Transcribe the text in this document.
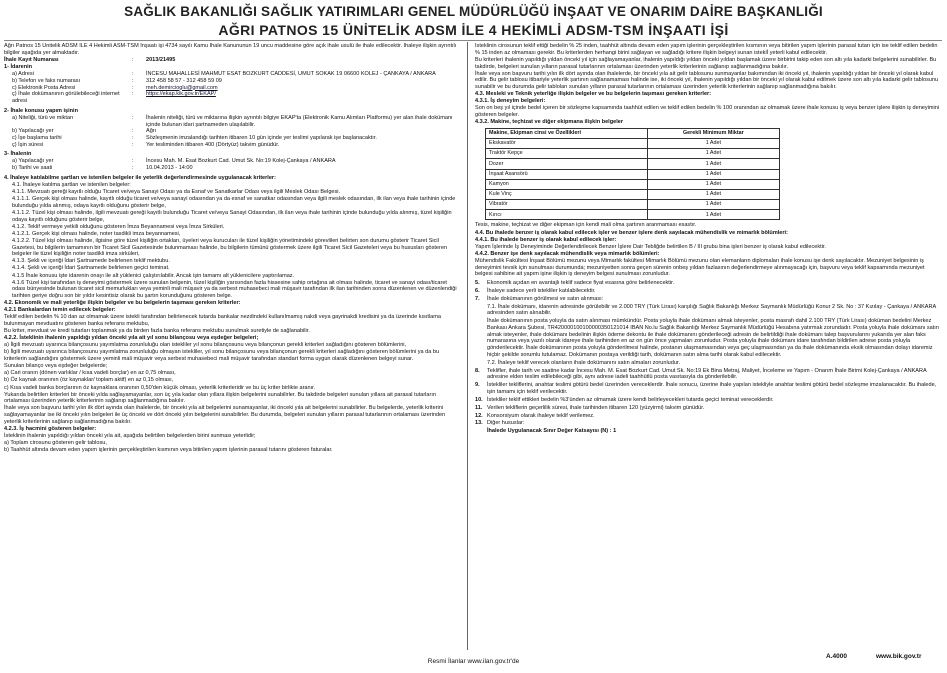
SAĞLIK BAKANLIĞI SAĞLIK YATIRIMLARI GENEL MÜDÜRLÜĞÜ İNŞAAT VE ONARIM DAİRE BAŞKANLIĞI
AĞRI PATNOS 15 ÜNİTELİK ADSM İLE 4 HEKİMLİ ADSM-TSM İNŞAATI İŞİ

Ağrı Patnos 15 Ünitelik ADSM İLE 4 Hekimli ASM-TSM İnşaatı işi 4734 sayılı Kamu İhale Kanununun 19 uncu maddesine göre açık ihale usulü ile ihale edilecektir. İhaleye ilişkin ayrıntılı bilgiler aşağıda yer almaktadır.

İhale Kayıt Numarası	:	2013/21495

1- İdarenin

a) Adresi	:	İNCESU MAHALLESİ MAHMUT ESAT BOZKURT CADDESİ, UMUT SOKAK 19 06600 KOLEJ - ÇANKAYA / ANKARA
b) Telefon ve faks numarası	:	312 458 58 57 - 312 458 59 09
c) Elektronik Posta Adresi	:	meh.demircioglu@gmail.com
ç) İhale dokümanının görülebileceği internet adresi
:	https://ekap.kik.gov.tr/EKAP/

2- İhale konusu yapım işinin

a) Niteliği, türü ve miktarı	:	İhalenin niteliği, türü ve miktarına ilişkin ayrıntılı bilgiye EKAP'ta (Elektronik Kamu Alımları Platformu) yer alan ihale dokümanı içinde bulunan idari şartnameden ulaşılabilir.
b) Yapılacağı yer	:	Ağrı
c) İşe başlama tarihi	:	Sözleşmenin imzalandığı tarihten itibaren 10 gün içinde yer teslimi yapılarak işe başlanacaktır.
ç) İşin süresi	:	Yer tesliminden itibaren 400 (Dörtyüz) takvim günüdür.

3- İhalenin

a) Yapılacağı yer	:	İncesu Mah. M. Esat Bozkurt Cad. Umut Sk. No:19 Kolej-Çankaya / ANKARA
b) Tarihi ve saati	:	10.04.2013 - 14:00

4. İhaleye katılabilme şartları ve istenilen belgeler ile yeterlik değerlendirmesinde uygulanacak kriterler:

4.1. İhaleye katılma şartları ve istenilen belgeler:

4.1.1. Mevzuatı gereği kayıtlı olduğu Ticaret ve/veya Sanayi Odası ya da Esnaf ve Sanatkarlar Odası veya ilgili Meslek Odası Belgesi.

4.1.1.1. Gerçek kişi olması halinde, kayıtlı olduğu ticaret ve/veya sanayi odasından ya da esnaf ve sanatkar odasından veya ilgili meslek odasından, ilk ilan veya ihale tarihinin içinde bulunduğu yılda alınmış, odaya kayıtlı olduğunu gösterir belge,

4.1.1.2. Tüzel kişi olması halinde, ilgili mevzuatı gereği kayıtlı bulunduğu Ticaret ve/veya Sanayi Odasından, ilk ilan veya ihale tarihinin içinde bulunduğu yılda alınmış, tüzel kişiliğin odaya kayıtlı olduğunu gösterir belge,

4.1.2. Teklif vermeye yetkili olduğunu gösteren İmza Beyannamesi veya İmza Sirküleri.

4.1.2.1. Gerçek kişi olması halinde, noter tasdikli imza beyannamesi,

4.1.2.2. Tüzel kişi olması halinde, ilgisine göre tüzel kişiliğin ortakları, üyeleri veya kurucuları ile tüzel kişiliğin yönetimindeki görevlileri belirten son durumu gösterir Ticaret Sicil Gazetesi, bu bilgilerin tamamının bir Ticaret Sicil Gazetesinde bulunmaması halinde, bu bilgilerin tümünü göstermek üzere ilgili Ticaret Sicil Gazeteleri veya bu hususları gösteren belgeler ile tüzel kişiliğin noter tasdikli imza sirküleri,

4.1.3. Şekli ve içeriği İdari Şartnamede belirlenen teklif mektubu.

4.1.4. Şekli ve içeriği İdari Şartnamede belirlenen geçici teminat.

4.1.5 İhale konusu işte idarenin onayı ile alt yüklenici çalıştırılabilir. Ancak işin tamamı alt yüklenicilere yaptırılamaz.

4.1.6 Tüzel kişi tarafından iş deneyimi göstermek üzere sunulan belgenin, tüzel kişiliğin yarısından fazla hissesine sahip ortağına ait olması halinde, ticaret ve sanayi odası/ticaret odası bünyesinde bulunan ticaret sicil memurlukları veya yeminli mali müşavir ya da serbest muhasebeci mali müşavir tarafından ilk ilan tarihinden sonra düzenlenen ve düzenlendiği tarihten geriye doğru son bir yıldır kesintisiz olarak bu şartın korunduğunu gösteren belge.

4.2. Ekonomik ve mali yeterliğe ilişkin belgeler ve bu belgelerin taşıması gereken kriterler:

4.2.1 Bankalardan temin edilecek belgeler:

Teklif edilen bedelin % 10 dan az olmamak üzere istekli tarafından belirlenecek tutarda bankalar nezdindeki kullanılmamış nakdi veya gayrinakdi kredisini ya da üzerinde kısıtlama bulunmayan mevduatını gösteren banka referans mektubu,

Bu kriter, mevduat ve kredi tutarları toplanmak ya da birden fazla banka referans mektubu sunulmak suretiyle de sağlanabilir.

4.2.2. İsteklinin ihalenin yapıldığı yıldan önceki yıla ait yıl sonu bilançosu veya eşdeğer belgeleri;

a) İlgili mevzuatı uyarınca bilançosunu yayımlatma zorunluluğu olan istekliler yıl sonu bilançosunu veya bilançonun gerekli kriterleri sağladığını gösteren bölümlerini,

b) İlgili mevzuatı uyarınca bilançosunu yayımlatma zorunluluğu olmayan istekliler, yıl sonu bilançosunu veya bilançonun gerekli kriterleri sağladığını gösteren bölümlerini ya da bu kriterlerin sağlandığını göstermek üzere yeminli mali müşavir veya serbest muhasebeci mali müşavir tarafından standart forma uygun olarak düzenlenen belgeyi sunar.

Sunulan bilanço veya eşdeğer belgelerde;

a) Cari oranın (dönen varlıklar / kısa vadeli borçlar) en az 0,75 olması,

b) Öz kaynak oranının (öz kaynaklar/ toplam aktif) en az 0,15 olması,

c) Kısa vadeli banka borçlarının öz kaynaklara oranının 0,50'den küçük olması, yeterlik kriterleridir ve bu üç kriter birlikte aranır.

Yukarıda belirtilen kriterleri bir önceki yılda sağlayamayanlar, son üç yıla kadar olan yıllara ilişkin belgelerini sunabilirler. Bu takdirde belgeleri sunulan yıllara ait parasal tutarların ortalaması üzerinden yeterlik kriterlerinin sağlanıp sağlanmadığına bakılır.

İhale veya son başvuru tarihi yılın ilk dört ayında olan ihalelerde, bir önceki yıla ait belgelerini sunamayanlar, iki önceki yıla ait belgelerini sunabilirler. Bu belgelerde, yeterlik kriterini sağlayamayanlar ise iki önceki yılın belgeleri ile üç önceki ve dört önceki yılın belgelerini sunabilirler. Bu durumda, belgeleri sunulan yılların parasal tutarlarının ortalaması üzerinden yeterlik kriterlerinin sağlanıp sağlanmadığına bakılır.

4.2.3. İş hacmini gösteren belgeler:

İsteklinin ihalenin yapıldığı yıldan önceki yıla ait, aşağıda belirtilen belgelerden birini sunması yeterlidir;

a) Toplam cirosunu gösteren gelir tablosu,

b) Taahhüt altında devam eden yapım işlerinin gerçekleştirilen kısmının veya bitirilen yapım işlerinin parasal tutarını gösteren faturalar.

İsteklinin cirosunun teklif ettiği bedelin % 25 inden, taahhüt altında devam eden yapım işlerinin gerçekleştirilen kısmının veya bitirilen yapım işlerinin parasal tutarı için ise teklif edilen bedelin % 15 inden az olmaması gerekir. Bu kriterlerden herhangi birini sağlayan ve sağladığı kritere ilişkin belgeyi sunan isteklİ yeterli kabul edilecektir.

Bu kriterleri ihalenin yapıldığı yıldan önceki yıl için sağlayamayanlar, ihalenin yapıldığı yıldan önceki yıldan başlamak üzere birbirini takip eden son altı yıla kadarki belgelerini sunabilirler. Bu takdirde, belgeleri sunulan yılların parasal tutarlarının ortalaması üzerinden yeterlik kriterlerinin sağlanıp sağlanmadığına bakılır.

İhale veya son başvuru tarihi yılın ilk dört ayında olan ihalelerde, bir önceki yıla ait gelir tablosunu sunmayanlar bakımından iki önceki yıl, ihalenin yapıldığı yıldan bir önceki yıl olarak kabul edilir. Bu gelir tablosu itibariyle yeterlik şartının sağlanamaması halinde ise, iki önceki yıl, ihalenin yapıldığı yıldan bir önceki yıl olarak kabul edilmek üzere son altı yıla kadarki gelir tablosunu sunabilir ve bu durumda gelir tabloları sunulan yılların parasal tutarlarının ortalaması üzerinden yeterlik kriterlerinin sağlanıp sağlanmadığına bakılır.

4.3. Mesleki ve Teknik yeterliğe ilişkin belgeler ve bu belgelerin taşıması gereken kriterler:

4.3.1. İş deneyim belgeleri:

Son on beş yıl içinde bedel içeren bir sözleşme kapsamında taahhüt edilen ve teklif edilen bedelin % 100 oranından az olmamak üzere ihale konusu iş veya benzer işlere ilişkin iş deneyimini gösteren belgeler.

4.3.2. Makine, teçhizat ve diğer ekipmana ilişkin belgeler

Makine, Ekipman cinsi ve Özellikleri	Gerekli Minimum Miktar
Ekskavatör	1 Adet
Traktör Kepçe	1 Adet
Dozer	1 Adet
İnşaat Asansörü	1 Adet
Kamyon	1 Adet
Kule Vinç	1 Adet
Vibratör	1 Adet
Kırıcı	1 Adet

Tesis, makine, teçhizat ve diğer ekipman için kendi mali olma şartının aranmaması esastır.

4.4. Bu ihalede benzer iş olarak kabul edilecek işler ve benzer işlere denk sayılacak mühendislik ve mimarlık bölümleri:

4.4.1. Bu ihalede benzer iş olarak kabul edilecek işler:

Yapım İşlerinde İş Deneyiminde Değerlendirilecek Benzer İşlere Dair Tebliğde belirtilen B / III grubu bina işleri benzer iş olarak kabul edilecektir.

4.4.2. Benzer işe denk sayılacak mühendislik veya mimarlık bölümleri:

Mühendislik Fakültesi İnşaat Bölümü mezunu veya Mimarlık fakültesi Mimarlık Bölümü mezunu olan elemanların diplomaları ihale konusu işe denk sayılacaktır. Mezuniyet belgesinin iş deneyimini tevsik için sunulması durumunda; mezuniyetten sonra geçen sürenin onbeş yıldan fazlasının değerlendirmeye alınmayacağı için, başvuru veya teklif kapsamında mezuniyet belgesi sahibine ait yapım işine ilişkin iş deneyim belgesi sunulması zorunludur.

5.	Ekonomik açıdan en avantajlı teklif sadece fiyat esasına göre belirlenecektir.
6.	İhaleye sadece yerli istekliler katılabilecektir.
7.	İhale dokümanının görülmesi ve satın alınması:
7.1. İhale dokümanı, idarenin adresinde görülebilir ve 2.000 TRY (Türk Lirası) karşılığı Sağlık Bakanlığı Merkez Saymanlık Müdürlüğü Konur 2 Sk. No : 37 Kızılay - Çankaya / ANKARA adresinden satın alınabilir.
İhale dokümanının posta yoluyla da satın alınması mümkündür. Posta yoluyla ihale dokümanı almak isteyenler, posta masrafı dahil 2.100 TRY (Türk Lirası) doküman bedelini Merkez Bankası Ankara Şubesi, TR420000100100000350121014 IBAN No.lu Sağlık Bakanlığı Merkez Saymanlık Müdürlüğü Hesabına yatırmak zorundadır. Posta yoluyla ihale dokümanı satın almak isteyenler, ihale dokümanı bedelinin ilişkin ödeme dekontu ile ihale dokümanını gönderileceği adresin de belirtildiği ihale dokümanı talep başvurularını yukarıda yer alan faks numarasına veya yazılı olarak idareye ihale tarihinden en az on gün önce yapmaları zorunludur. Posta yoluyla ihale dokümanı idare tarafından bildirilen adrese posta yoluyla gönderilecektir. İhale dokümanının posta yoluyla gönderilmesi halinde, postanın ulaşmamasından veya geç ulaşmasından ya da ihale dokümanında eksik olmasından dolayı idaremiz hiçbir şekilde sorumlu tutulamaz. Dokümanın postaya verildiği tarih, dokümanın satın alma tarihi olarak kabul edilecektir.
7.2. İhaleye teklif verecek olanların ihale dokümanını satın almaları zorunludur.
8.	Teklifler, ihale tarih ve saatine kadar İncesu Mah. M. Esat Bozkurt Cad. Umut Sk. No:19 Ek Bina Metraj, Maliyet, İnceleme ve Yapım - Onarım İhale Birimi Kolej-Çankaya / ANKARA adresine elden teslim edilebileceği gibi, aynı adrese iadeli taahhütlü posta vasıtasıyla da gönderilebilir.
9.	İstekliler tekliflerini, anahtar teslimi götürü bedel üzerinden vereceklerdir. İhale sonucu, üzerine ihale yapılan istekliyle anahtar teslimi götürü bedel sözleşme imzalanacaktır. Bu ihalede, işin tamamı için teklif verilecektir.
10. İstekliler teklif ettikleri bedelin %3'ünden az olmamak üzere kendi belirleyecekleri tutarda geçici teminat vereceklerdir.
11. Verilen tekliflerin geçerlilik süresi, ihale tarihinden itibaren 120 (yüzyirmi) takvim günüdür.
12. Konsorsiyum olarak ihaleye teklif verilemez.
13. Diğer hususlar:
İhalede Uygulanacak Sınır Değer Katsayısı (N) : 1
Resmi İlanlar www.ilan.gov.tr'de
A.4000	www.bik.gov.tr
